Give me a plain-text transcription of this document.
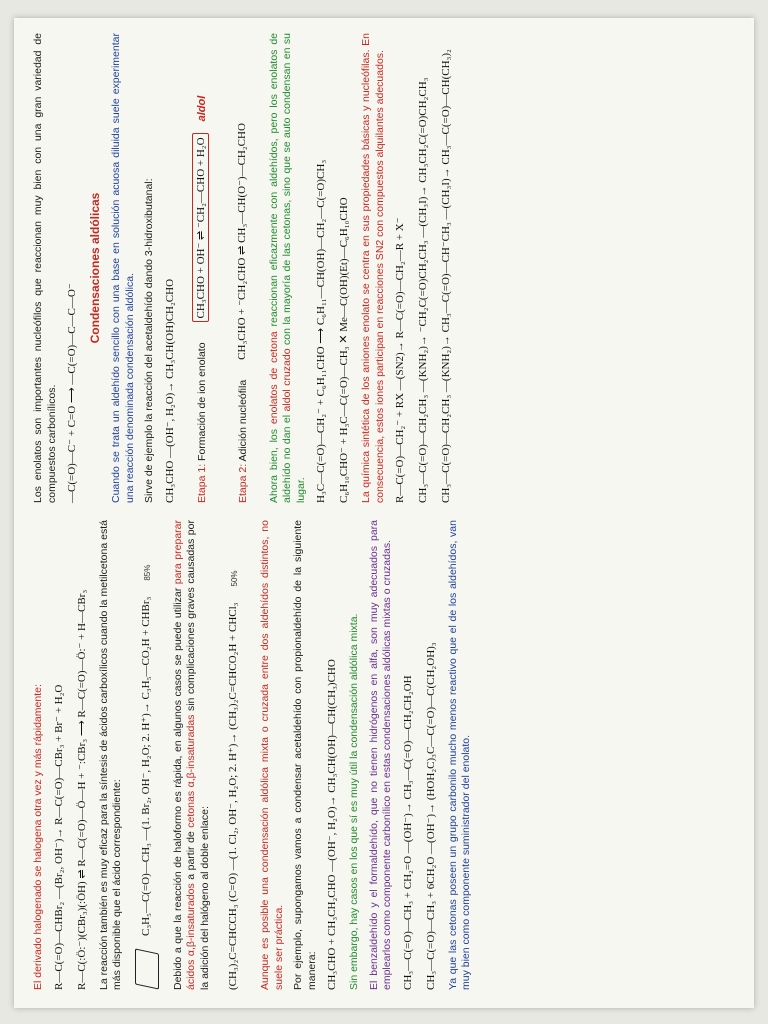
El derivado halogenado se halogena otra vez y más rápidamente: R—C(=O)—CHBr₂ —(Br₂, OH⁻)→ R—C(=O)—CBr₃ + Br⁻ + H₂O R—C(:Ö:⁻)(CBr₃)(:ÖH) ⇌ R—C(=O)—Ö—H + ⁻:CBr₃ ⟶ R—C(=O)—Ö:⁻ + H—CBr₃ La reacción también es muy eficaz para la síntesis de ácidos carboxílicos cuando la metilcetona está más disponible que el ácido correspondiente: C₃H₅—C(=O)—CH₃ —(1. Br₂, OH⁻, H₂O; 2. H⁺)→ C₃H₅—CO₂H + CHBr₃
85%

Debido a que la reacción de haloformo es rápida, en algunos casos se puede utilizar para preparar ácidos α,β-insaturados a partir de cetonas α,β-insaturadas sin complicaciones graves causadas por la adición del halógeno al doble enlace: (CH₃)₂C=CHCCH₃ (C=O) —(1. Cl₂, OH⁻, H₂O; 2. H⁺)→ (CH₃)₂C=CHCO₂H + CHCl₃
50% Aunque es posible una condensación aldólica mixta o cruzada entre dos aldehídos distintos, no suele ser práctica. Por ejemplo, supongamos vamos a condensar acetaldehído con propionaldehído de la siguiente manera: CH₃CHO + CH₃CH₂CHO —(OH⁻, H₂O)→ CH₃CH(OH)—CH(CH₃)CHO Sin embargo, hay casos en los que sí es muy útil la condensación aldólica mixta. El benzaldehído y el formaldehído, que no tienen hidrógenos en alfa, son muy adecuados para emplearlos como componente carbonílico en estas condensaciones aldólicas mixtas o cruzadas. CH₃—C(=O)—CH₃ + CH₂=O —(OH⁻)→ CH₃—C(=O)—CH₂CH₂OH CH₃—C(=O)—CH₃ + 6CH₂O —(OH⁻)→ (HOH₂C)₃C—C(=O)—C(CH₂OH)₃ Ya que las cetonas poseen un grupo carbonilo mucho menos reactivo que el de los aldehídos, van muy bien como componente suministrador del enolato.

Los enolatos son importantes nucleófilos que reaccionan muy bien con una gran variedad de compuestos carbonílicos. —C(=O)—C⁻ + C=O ⟶ —C(=O)—C—C—O⁻
Condensaciones aldólicas Cuando se trata un aldehído sencillo con una base en solución acuosa diluida suele experimentar una reacción denominada condensación aldólica. Sirve de ejemplo la reacción del acetaldehído dando 3-hidroxibutanal: CH₃CHO —(OH⁻, H₂O)→ CH₃CH(OH)CH₂CHO Etapa 1: Formación de ion enolato
CH₃CHO + OH⁻ ⇌ ⁻CH₂—CHO + H₂O
aldol
Etapa 2: Adición nucleófila
CH₃CHO + ⁻CH₂CHO ⇌ CH₃—CH(O⁻)—CH₂CHO

Ahora bien, los enolatos de cetona reaccionan eficazmente con aldehídos, pero los enolatos de aldehído no dan el aldol cruzado con la mayoría de las cetonas, sino que se auto condensan en su lugar. H₃C—C(=O)—CH₂⁻ + C₆H₁₁CHO ⟶ C₆H₁₁—CH(OH)—CH₂—C(=O)CH₃ C₆H₁₀CHO⁻ + H₃C—C(=O)—CH₃ ✕ Me—C(OH)(Et)—C₆H₁₀CHO La química sintética de los aniones enolato se centra en sus propiedades básicas y nucleófilas. En consecuencia, estos iones participan en reacciones SN2 con compuestos alquilantes adecuados. R—C(=O)—CH₂⁻ + RX —(SN2)→ R—C(=O)—CH₂—R + X⁻ CH₃—C(=O)—CH₂CH₃ —(KNH₂)→ ⁻CH₂C(=O)CH₂CH₃ —(CH₃I)→ CH₃CH₂C(=O)CH₂CH₃ CH₃—C(=O)—CH₂CH₃ —(KNH₂)→ CH₃—C(=O)—CH⁻CH₃ —(CH₃I)→ CH₃—C(=O)—CH(CH₃)₂
